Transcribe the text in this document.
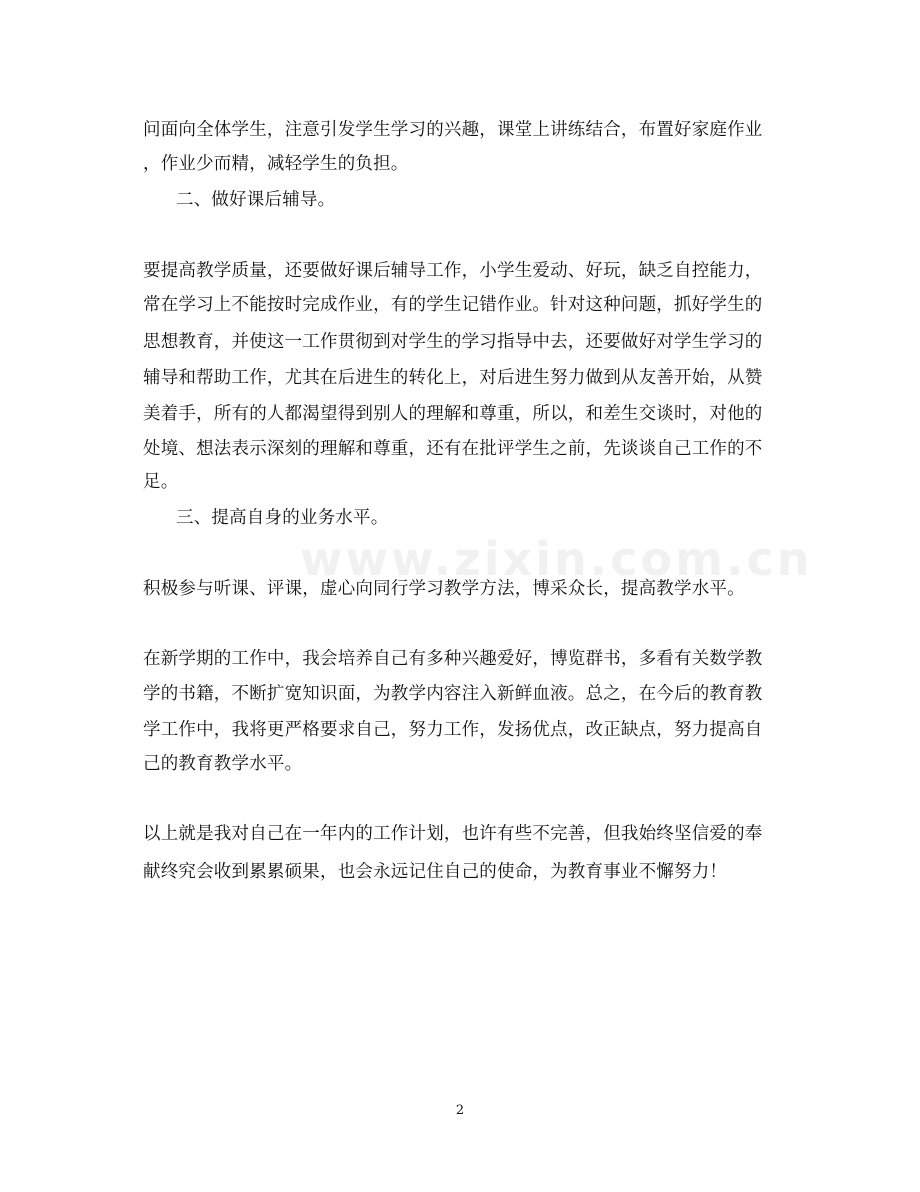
www.zixin.com.cn
问面向全体学生，注意引发学生学习的兴趣，课堂上讲练结合，布置好家庭作业
，作业少而精，减轻学生的负担。
二、做好课后辅导。
要提高教学质量，还要做好课后辅导工作，小学生爱动、好玩，缺乏自控能力，
常在学习上不能按时完成作业，有的学生记错作业。针对这种问题，抓好学生的
思想教育，并使这一工作贯彻到对学生的学习指导中去，还要做好对学生学习的
辅导和帮助工作，尤其在后进生的转化上，对后进生努力做到从友善开始，从赞
美着手，所有的人都渴望得到别人的理解和尊重，所以，和差生交谈时，对他的
处境、想法表示深刻的理解和尊重，还有在批评学生之前，先谈谈自己工作的不
足。
三、提高自身的业务水平。
积极参与听课、评课，虚心向同行学习教学方法，博采众长，提高教学水平。
在新学期的工作中，我会培养自己有多种兴趣爱好，博览群书，多看有关数学教
学的书籍，不断扩宽知识面，为教学内容注入新鲜血液。总之，在今后的教育教
学工作中，我将更严格要求自己，努力工作，发扬优点，改正缺点，努力提高自
己的教育教学水平。
以上就是我对自己在一年内的工作计划，也许有些不完善，但我始终坚信爱的奉
献终究会收到累累硕果，也会永远记住自己的使命，为教育事业不懈努力！
2
